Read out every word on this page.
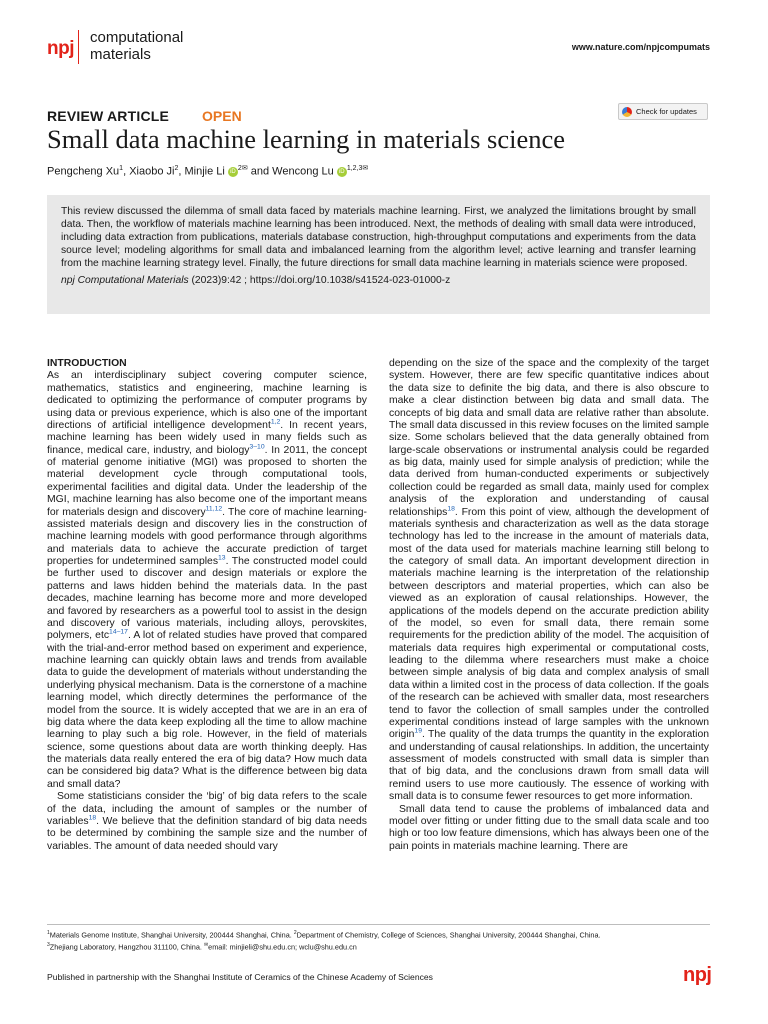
npj
computational
materials	www.nature.com/npjcompumats
REVIEW ARTICLE OPEN	Check for updates
Small data machine learning in materials science
Pengcheng Xu$^1$, Xiaobo Ji$^2$, Minjie Li iD $^{2✉}$ and Wencong Lu iD $^{1,2,3✉}$
This review discussed the dilemma of small data faced by materials machine learning. First, we analyzed the limitations brought by small data. Then, the workflow of materials machine learning has been introduced. Next, the methods of dealing with small data were introduced, including data extraction from publications, materials database construction, high-throughput computations and experiments from the data source level; modeling algorithms for small data and imbalanced learning from the algorithm level; active learning and transfer learning from the machine learning strategy level. Finally, the future directions for small data machine learning in materials science were proposed.
npj Computational Materials (2023)9:42 ; https://doi.org/10.1038/s41524-023-01000-z
INTRODUCTION

As an interdisciplinary subject covering computer science, mathematics, statistics and engineering, machine learning is dedicated to optimizing the performance of computer programs by using data or previous experience, which is also one of the important directions of artificial intelligence development$^{1,2}$. In recent years, machine learning has been widely used in many fields such as finance, medical care, industry, and biology$^{3-10}$. In 2011, the concept of material genome initiative (MGI) was proposed to shorten the material development cycle through computational tools, experimental facilities and digital data. Under the leadership of the MGI, machine learning has also become one of the important means for materials design and discovery$^{11,12}$. The core of machine learning-assisted materials design and discovery lies in the construction of machine learning models with good performance through algorithms and materials data to achieve the accurate prediction of target properties for undetermined samples$^{13}$. The constructed model could be further used to discover and design materials or explore the patterns and laws hidden behind the materials data. In the past decades, machine learning has become more and more developed and favored by researchers as a powerful tool to assist in the design and discovery of various materials, including alloys, perovskites, polymers, etc$^{14-17}$. A lot of related studies have proved that compared with the trial-and-error method based on experiment and experience, machine learning can quickly obtain laws and trends from available data to guide the development of materials without understanding the underlying physical mechanism. Data is the cornerstone of a machine learning model, which directly determines the performance of the model from the source. It is widely accepted that we are in an era of big data where the data keep exploding all the time to allow machine learning to play such a big role. However, in the field of materials science, some questions about data are worth thinking deeply. Has the materials data really entered the era of big data? How much data can be considered big data? What is the difference between big data and small data?

Some statisticians consider the ‘big’ of big data refers to the scale of the data, including the amount of samples or the number of variables$^{18}$. We believe that the definition standard of big data needs to be determined by combining the sample size and the number of variables. The amount of data needed should vary

depending on the size of the space and the complexity of the target system. However, there are few specific quantitative indices about the data size to definite the big data, and there is also obscure to make a clear distinction between big data and small data. The concepts of big data and small data are relative rather than absolute. The small data discussed in this review focuses on the limited sample size. Some scholars believed that the data generally obtained from large-scale observations or instrumental analysis could be regarded as big data, mainly used for simple analysis of prediction; while the data derived from human-conducted experiments or subjectively collection could be regarded as small data, mainly used for complex analysis of the exploration and understanding of causal relationships$^{18}$. From this point of view, although the development of materials synthesis and characterization as well as the data storage technology has led to the increase in the amount of materials data, most of the data used for materials machine learning still belong to the category of small data. An important development direction in materials machine learning is the interpretation of the relationship between descriptors and material properties, which can also be viewed as an exploration of causal relationships. However, the applications of the models depend on the accurate prediction ability of the model, so even for small data, there remain some requirements for the prediction ability of the model. The acquisition of materials data requires high experimental or computational costs, leading to the dilemma where researchers must make a choice between simple analysis of big data and complex analysis of small data within a limited cost in the process of data collection. If the goals of the research can be achieved with smaller data, most researchers tend to favor the collection of small samples under the controlled experimental conditions instead of large samples with the unknown origin$^{19}$. The quality of the data trumps the quantity in the exploration and understanding of causal relationships. In addition, the uncertainty assessment of models constructed with small data is simpler than that of big data, and the conclusions drawn from small data will remind users to use more cautiously. The essence of working with small data is to consume fewer resources to get more information.

Small data tend to cause the problems of imbalanced data and model over fitting or under fitting due to the small data scale and too high or too low feature dimensions, which has always been one of the pain points in materials machine learning. There are

$^1$Materials Genome Institute, Shanghai University, 200444 Shanghai, China. $^2$Department of Chemistry, College of Sciences, Shanghai University, 200444 Shanghai, China.
$^3$Zhejiang Laboratory, Hangzhou 311100, China. ✉email: minjieli@shu.edu.cn; wclu@shu.edu.cn
Published in partnership with the Shanghai Institute of Ceramics of the Chinese Academy of Sciences	npj
